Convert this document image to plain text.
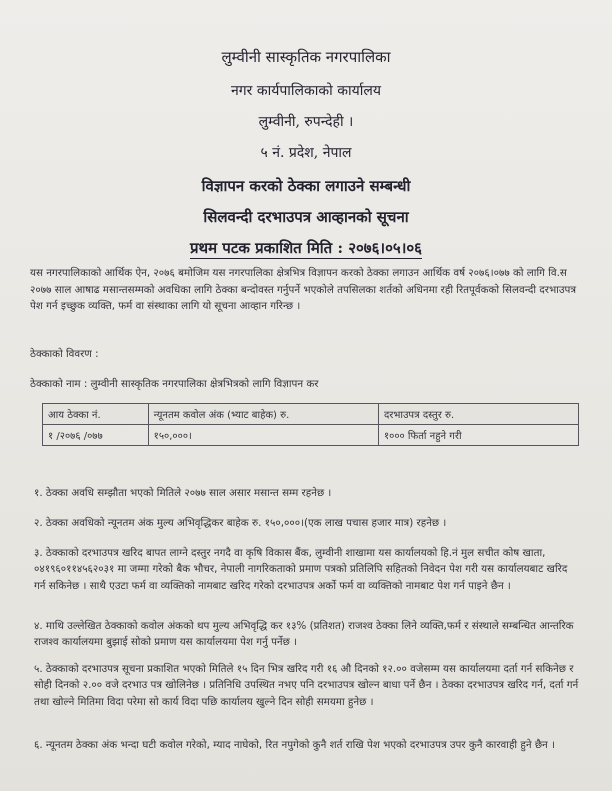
लुम्वीनी सास्कृतिक नगरपालिका
नगर कार्यपालिकाको कार्यालय
लुम्वीनी, रुपन्देही ।
५ नं. प्रदेश, नेपाल
विज्ञापन करको ठेक्का लगाउने सम्बन्धी
सिलवन्दी दरभाउपत्र आव्हानको सूचना
प्रथम पटक प्रकाशित मिति : २०७६।०५।०६
यस नगरपालिकाको आर्थिक ऐन, २०७६ बमोजिम यस नगरपालिका क्षेत्रभित्र विज्ञापन करको ठेक्का लगाउन आर्थिक वर्ष २०७६।०७७ को लागि वि.स २०७७ साल आषाढ मसान्तसम्मको अवधिका लागि ठेक्का बन्दोवस्त गर्नुपर्ने भएकोले तपसिलका शर्तको अधिनमा रही रितपूर्वकको सिलवन्दी दरभाउपत्र पेश गर्न इच्छुक व्यक्ति, फर्म वा संस्थाका लागि यो सूचना आव्हान गरिन्छ ।
ठेक्काको विवरण :
ठेक्काको नाम : लुम्वीनी सास्कृतिक नगरपालिका क्षेत्रभित्रको लागि विज्ञापन कर
आय ठेक्का नं.	न्यूनतम कवोल अंक (भ्याट बाहेक) रु.	दरभाउपत्र दस्तुर रु.
१ /२०७६ /०७७	१५०,०००।	१००० फिर्ता नहुने गरी
१. ठेक्का अवधि सम्झौता भएको मितिले २०७७ साल असार मसान्त सम्म रहनेछ ।
२. ठेक्का अवधिको न्यूनतम अंक मुल्य अभिवृद्धिकर बाहेक रु. १५०,०००।(एक लाख पचास हजार मात्र) रहनेछ ।
३. ठेक्काको दरभाउपत्र खरिद बापत लाग्ने दस्तुर नगदै वा कृषि विकास बैंक, लुम्वीनी शाखामा यस कार्यालयको हि.नं मुल सचीत कोष खाता, ०४१९६०११४५६२०३१ मा जम्मा गरेको बैक भौचर, नेपाली नागरिकताको प्रमाण पत्रको प्रतिलिपि सहितको निवेदन पेश गरी यस कार्यालयबाट खरिद गर्न सकिनेछ । साथै एउटा फर्म वा व्यक्तिको नामबाट खरिद गरेको दरभाउपत्र अर्को फर्म वा व्यक्तिको नामबाट पेश गर्न पाइने छैन ।
४. माथि उल्लेखित ठेक्काको कवोल अंकको थप मुल्य अभिवृद्धि कर १३% (प्रतिशत) राजश्व ठेक्का लिने व्यक्ति,फर्म र संस्थाले सम्बन्धित आन्तरिक राजश्व कार्यालयमा बुझाई सोको प्रमाण यस कार्यालयमा पेश गर्नु पर्नेछ ।
५. ठेक्काको दरभाउपत्र सूचना प्रकाशित भएको मितिले १५ दिन भित्र खरिद गरी १६ औ दिनको १२.०० वजेसम्म यस कार्यालयमा दर्ता गर्न सकिनेछ र सोही दिनको २.०० वजे दरभाउ पत्र खोलिनेछ । प्रतिनिधि उपस्थित नभए पनि दरभाउपत्र खोल्न बाधा पर्ने छैन । ठेक्का दरभाउपत्र खरिद गर्न, दर्ता गर्न तथा खोल्ने मितिमा विदा परेमा सो कार्य विदा पछि कार्यालय खुल्ने दिन सोही समयमा हुनेछ ।
६. न्यूनतम ठेक्का अंक भन्दा घटी कवोल गरेको, म्याद नाघेको, रित नपुगेको कुनै शर्त राखि पेश भएको दरभाउपत्र उपर कुनै कारवाही हुने छैन ।
